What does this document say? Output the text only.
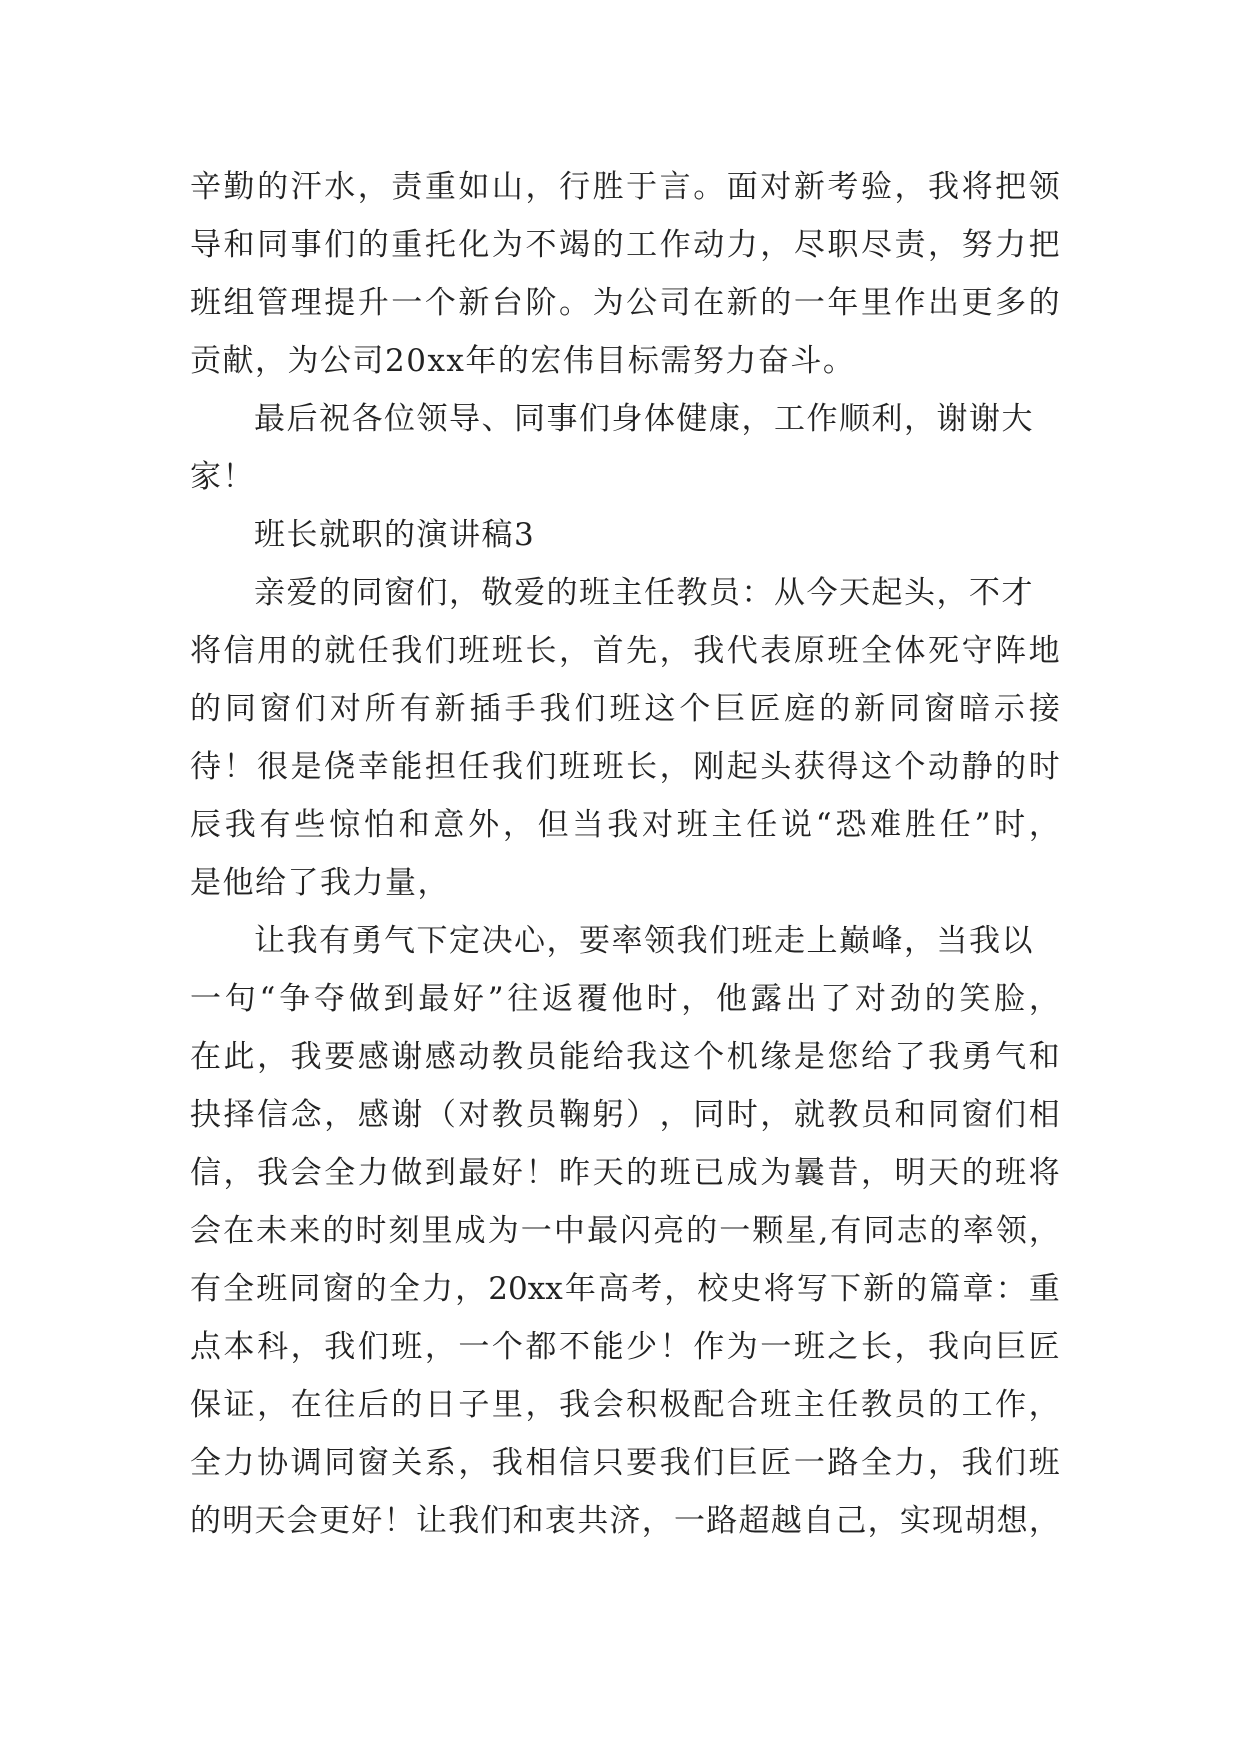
辛 勤 的 汗 水 ， 责 重 如 山 ， 行 胜 于 言 。 面 对 新 考 验 ， 我 将 把 领
导 和 同 事 们 的 重 托 化 为 不 竭 的 工 作 动 力 ， 尽 职 尽 责 ， 努 力 把
班 组 管 理 提 升 一 个 新 台 阶 。 为 公 司 在 新 的 一 年 里 作 出 更 多 的
贡献，为公司20xx年的宏伟目标需努力奋斗。
最后祝各位领导、同事们身体健康，工作顺利，谢谢大
家！
班长就职的演讲稿3
亲爱的同窗们，敬爱的班主任教员：从今天起头，不才
将 信 用 的 就 任 我 们 班 班 长 ， 首 先 ， 我 代 表 原 班 全 体 死 守 阵 地
的 同 窗 们 对 所 有 新 插 手 我 们 班 这 个 巨 匠 庭 的 新 同 窗 暗 示 接
待 ！ 很 是 侥 幸 能 担 任 我 们 班 班 长 ， 刚 起 头 获 得 这 个 动 静 的 时
辰 我 有 些 惊 怕 和 意 外 ， 但 当 我 对 班 主 任 说 “ 恐 难 胜 任 ” 时 ，
是他给了我力量，
让我有勇气下定决心，要率领我们班走上巅峰，当我以
一 句 “ 争 夺 做 到 最 好 ” 往 返 覆 他 时 ， 他 露 出 了 对 劲 的 笑 脸 ，
在 此 ， 我 要 感 谢 感 动 教 员 能 给 我 这 个 机 缘 是 您 给 了 我 勇 气 和
抉 择 信 念 ， 感 谢 （ 对 教 员 鞠 躬 ） ， 同 时 ， 就 教 员 和 同 窗 们 相
信 ， 我 会 全 力 做 到 最 好 ！ 昨 天 的 班 已 成 为 曩 昔 ， 明 天 的 班 将
会 在 未 来 的 时 刻 里 成 为 一 中 最 闪 亮 的 一 颗 星 , 有 同 志 的 率 领 ，
有 全 班 同 窗 的 全 力 ， 20xx 年 高 考 ， 校 史 将 写 下 新 的 篇 章 ： 重
点 本 科 ， 我 们 班 ， 一 个 都 不 能 少 ！ 作 为 一 班 之 长 ， 我 向 巨 匠
保 证 ， 在 往 后 的 日 子 里 ， 我 会 积 极 配 合 班 主 任 教 员 的 工 作 ，
全 力 协 调 同 窗 关 系 ， 我 相 信 只 要 我 们 巨 匠 一 路 全 力 ， 我 们 班
的 明 天 会 更 好 ！ 让 我 们 和 衷 共 济 ， 一 路 超 越 自 己 ， 实 现 胡 想 ，
